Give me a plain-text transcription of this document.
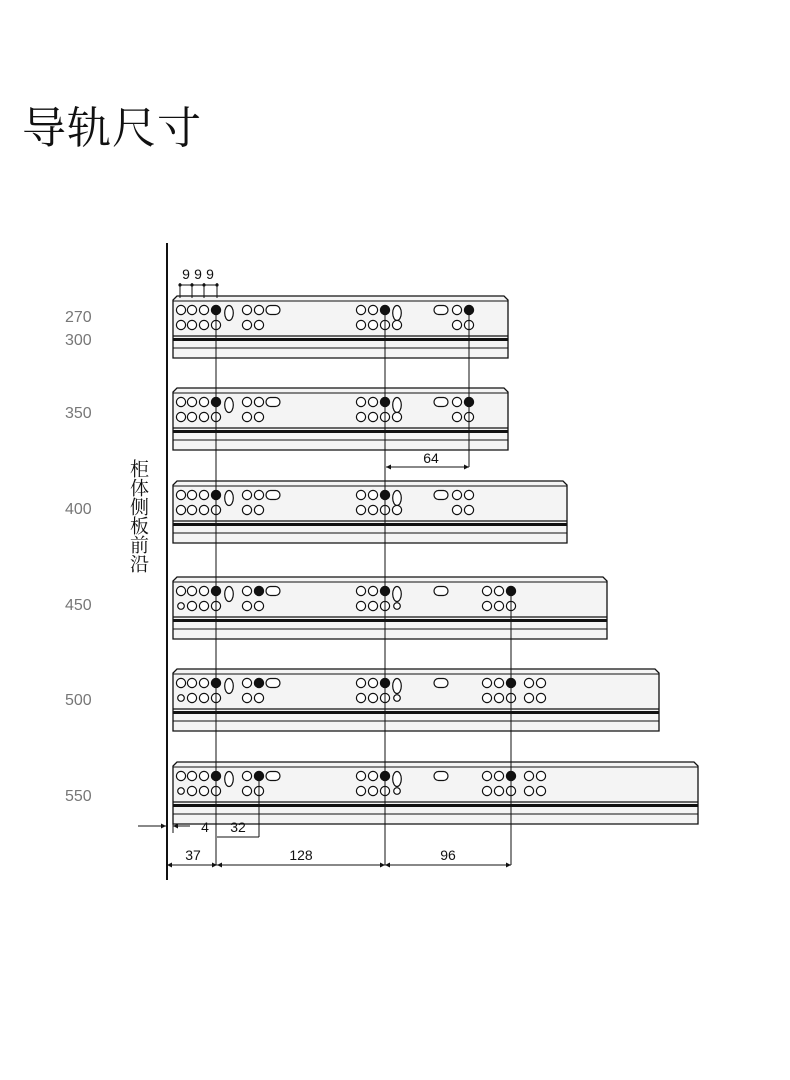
导轨尺寸
270
300
350
400
450
500
550
柜体侧板前沿
9 9 9
64
4 32
37	128	96
